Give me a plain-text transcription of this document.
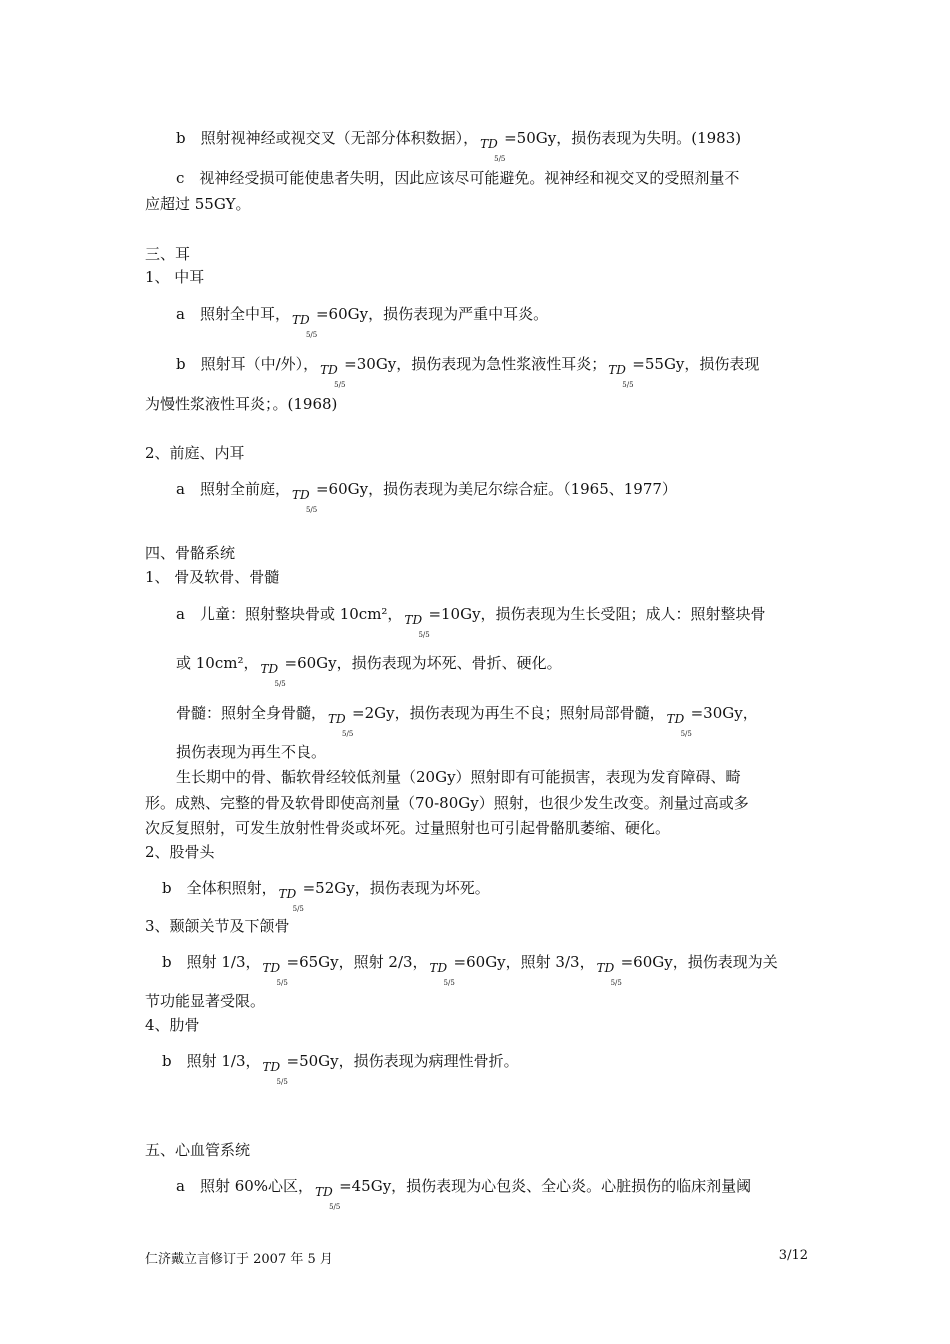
b　照射视神经或视交叉（无部分体积数据）， TD
5/5
=50Gy，损伤表现为失明。(1983)
c　视神经受损可能使患者失明，因此应该尽可能避免。视神经和视交叉的受照剂量不
应超过 55GY。
三、耳
1、 中耳
a　照射全中耳， TD
5/5
=60Gy，损伤表现为严重中耳炎。
b　照射耳（中/外）， TD
5/5
=30Gy，损伤表现为急性浆液性耳炎； TD
5/5
=55Gy，损伤表现
为慢性浆液性耳炎；。(1968)
2、前庭、内耳
a　照射全前庭， TD
5/5
=60Gy，损伤表现为美尼尔综合症。（1965、1977）
四、骨骼系统
1、 骨及软骨、骨髓
a　儿童：照射整块骨或 10cm²， TD
5/5
=10Gy，损伤表现为生长受阻；成人：照射整块骨
或 10cm²， TD
5/5
=60Gy，损伤表现为坏死、骨折、硬化。
骨髓：照射全身骨髓， TD
5/5
=2Gy，损伤表现为再生不良；照射局部骨髓， TD
5/5
=30Gy，
损伤表现为再生不良。
生长期中的骨、骺软骨经较低剂量（20Gy）照射即有可能损害，表现为发育障碍、畸
形。成熟、完整的骨及软骨即使高剂量（70-80Gy）照射，也很少发生改变。剂量过高或多
次反复照射，可发生放射性骨炎或坏死。过量照射也可引起骨骼肌萎缩、硬化。
2、股骨头
b　全体积照射， TD
5/5
=52Gy，损伤表现为坏死。
3、颞颌关节及下颌骨
b　照射 1/3， TD
5/5
=65Gy，照射 2/3， TD
5/5
=60Gy，照射 3/3， TD
5/5
=60Gy，损伤表现为关
节功能显著受限。
4、肋骨
b　照射 1/3， TD
5/5
=50Gy，损伤表现为病理性骨折。
五、心血管系统
a　照射 60%心区， TD
5/5
=45Gy，损伤表现为心包炎、全心炎。心脏损伤的临床剂量阈
仁济戴立言修订于 2007 年 5 月	3/12
